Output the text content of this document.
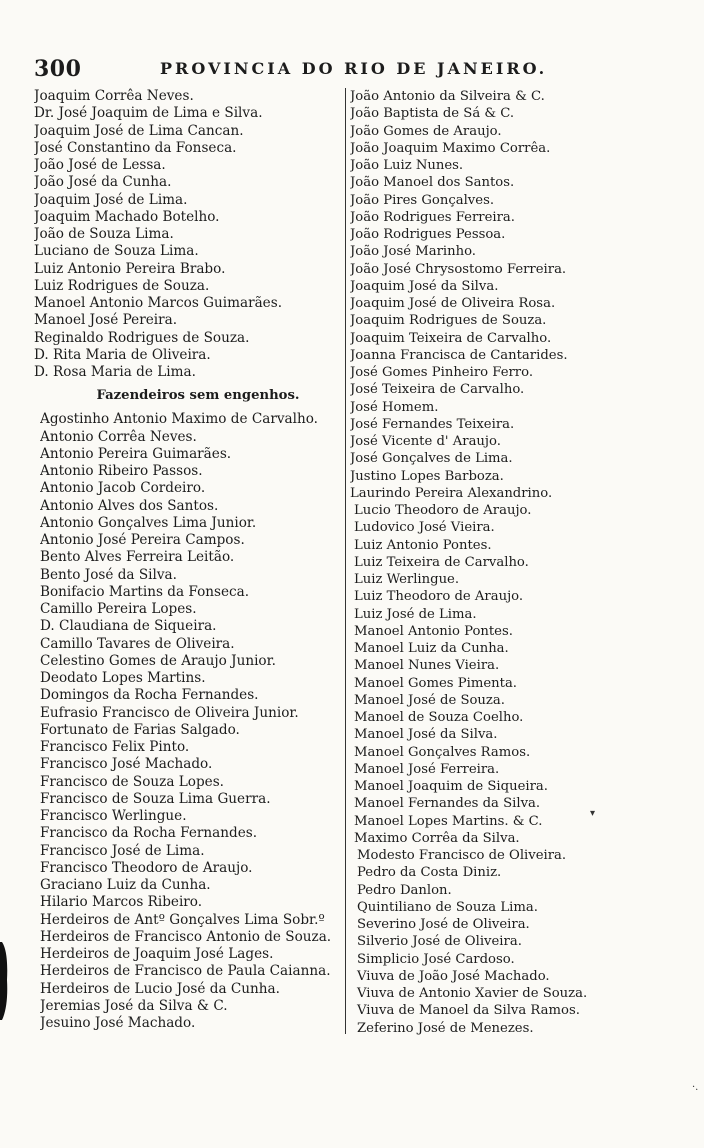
300	PROVINCIA DO RIO DE JANEIRO.
Joaquim Corrêa Neves.
Dr. José Joaquim de Lima e Silva.
Joaquim José de Lima Cancan.
José Constantino da Fonseca.
João José de Lessa.
João José da Cunha.
Joaquim José de Lima.
Joaquim Machado Botelho.
João de Souza Lima.
Luciano de Souza Lima.
Luiz Antonio Pereira Brabo.
Luiz Rodrigues de Souza.
Manoel Antonio Marcos Guimarães.
Manoel José Pereira.
Reginaldo Rodrigues de Souza.
D. Rita Maria de Oliveira.
D. Rosa Maria de Lima.
Fazendeiros sem engenhos.
Agostinho Antonio Maximo de Carvalho.
Antonio Corrêa Neves.
Antonio Pereira Guimarães.
Antonio Ribeiro Passos.
Antonio Jacob Cordeiro.
Antonio Alves dos Santos.
Antonio Gonçalves Lima Junior.
Antonio José Pereira Campos.
Bento Alves Ferreira Leitão.
Bento José da Silva.
Bonifacio Martins da Fonseca.
Camillo Pereira Lopes.
D. Claudiana de Siqueira.
Camillo Tavares de Oliveira.
Celestino Gomes de Araujo Junior.
Deodato Lopes Martins.
Domingos da Rocha Fernandes.
Eufrasio Francisco de Oliveira Junior.
Fortunato de Farias Salgado.
Francisco Felix Pinto.
Francisco José Machado.
Francisco de Souza Lopes.
Francisco de Souza Lima Guerra.
Francisco Werlingue.
Francisco da Rocha Fernandes.
Francisco José de Lima.
Francisco Theodoro de Araujo.
Graciano Luiz da Cunha.
Hilario Marcos Ribeiro.
Herdeiros de Antº Gonçalves Lima Sobr.º
Herdeiros de Francisco Antonio de Souza.
Herdeiros de Joaquim José Lages.
Herdeiros de Francisco de Paula Caianna.
Herdeiros de Lucio José da Cunha.
Jeremias José da Silva & C.
Jesuino José Machado.
João Antonio da Silveira & C.
João Baptista de Sá & C.
João Gomes de Araujo.
João Joaquim Maximo Corrêa.
João Luiz Nunes.
João Manoel dos Santos.
João Pires Gonçalves.
João Rodrigues Ferreira.
João Rodrigues Pessoa.
João José Marinho.
João José Chrysostomo Ferreira.
Joaquim José da Silva.
Joaquim José de Oliveira Rosa.
Joaquim Rodrigues de Souza.
Joaquim Teixeira de Carvalho.
Joanna Francisca de Cantarides.
José Gomes Pinheiro Ferro.
José Teixeira de Carvalho.
José Homem.
José Fernandes Teixeira.
José Vicente d' Araujo.
José Gonçalves de Lima.
Justino Lopes Barboza.
Laurindo Pereira Alexandrino.
Lucio Theodoro de Araujo.
Ludovico José Vieira.
Luiz Antonio Pontes.
Luiz Teixeira de Carvalho.
Luiz Werlingue.
Luiz Theodoro de Araujo.
Luiz José de Lima.
Manoel Antonio Pontes.
Manoel Luiz da Cunha.
Manoel Nunes Vieira.
Manoel Gomes Pimenta.
Manoel José de Souza.
Manoel de Souza Coelho.
Manoel José da Silva.
Manoel Gonçalves Ramos.
Manoel José Ferreira.
Manoel Joaquim de Siqueira.
Manoel Fernandes da Silva.
Manoel Lopes Martins. & C.
Maximo Corrêa da Silva.
Modesto Francisco de Oliveira.
Pedro da Costa Diniz.
Pedro Danlon.
Quintiliano de Souza Lima.
Severino José de Oliveira.
Silverio José de Oliveira.
Simplicio José Cardoso.
Viuva de João José Machado.
Viuva de Antonio Xavier de Souza.
Viuva de Manoel da Silva Ramos.
Zeferino José de Menezes.
▾
·.
